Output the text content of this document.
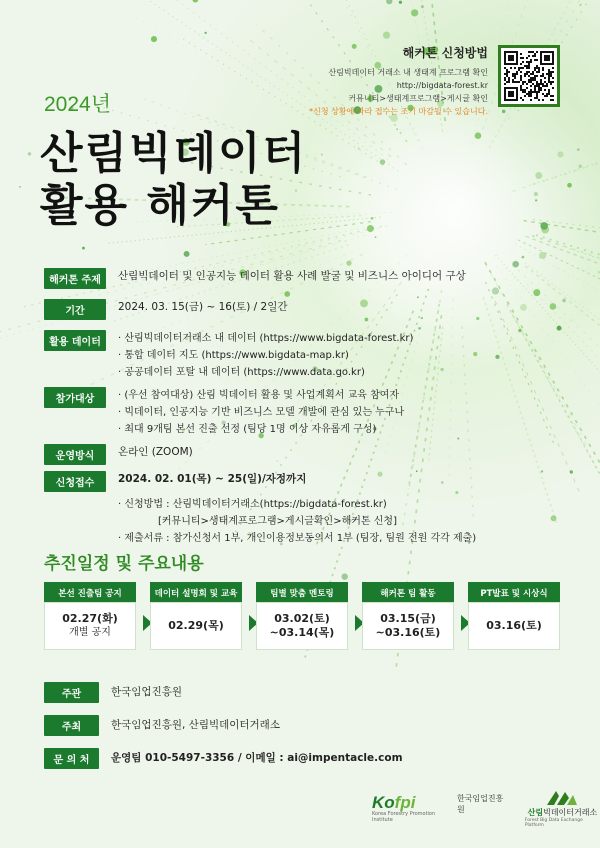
해커톤 신청방법
산림빅데이터 거래소 내 생태계 프로그램 확인
http://bigdata-forest.kr
커뮤니티>생태계프로그램>게시글 확인
*신청 상황에 따라 접수는 조기 마감될 수 있습니다.
2024년
산림빅데이터
활용 해커톤
해커톤 주제	산림빅데이터 및 인공지능 데이터 활용 사례 발굴 및 비즈니스 아이디어 구상
기간	2024. 03. 15(금) ~ 16(토) / 2일간
활용 데이터	· 산림빅데이터거래소 내 데이터 (https://www.bigdata-forest.kr)
· 통합 데이터 지도 (https://www.bigdata-map.kr)
· 공공데이터 포탈 내 데이터 (https://www.data.go.kr)
참가대상	· (우선 참여대상) 산림 빅데이터 활용 및 사업계획서 교육 참여자
· 빅데이터, 인공지능 기반 비즈니스 모델 개발에 관심 있는 누구나
· 최대 9개팀 본선 진출 선정 (팀당 1명 이상 자유롭게 구성)
운영방식	온라인 (ZOOM)
신청접수	2024. 02. 01(목) ~ 25(일)/자정까지
· 신청방법 : 산림빅데이터거래소(https://bigdata-forest.kr)
[커뮤니티>생태계프로그램>게시글확인>해커톤 신청]
· 제출서류 : 참가신청서 1부, 개인이용정보동의서 1부 (팀장, 팀원 전원 각각 제출)
추진일정 및 주요내용
본선 진출팀 공지
02.27(화)
개별 공지
데이터 설명회 및 교육
02.29(목)
팀별 맞춤 멘토링
03.02(토)
~03.14(목)
해커톤 팀 활동
03.15(금)
~03.16(토)
PT발표 및 시상식
03.16(토)
주관	한국임업진흥원
주최	한국임업진흥원, 산림빅데이터거래소
문 의 처	운영팀 010-5497-3356 / 이메일 : ai@impentacle.com
Kofpi
Korea Forestry Promotion Institute
한국임업진흥원	산림빅데이터거래소
Forest Big Data Exchange Platform
